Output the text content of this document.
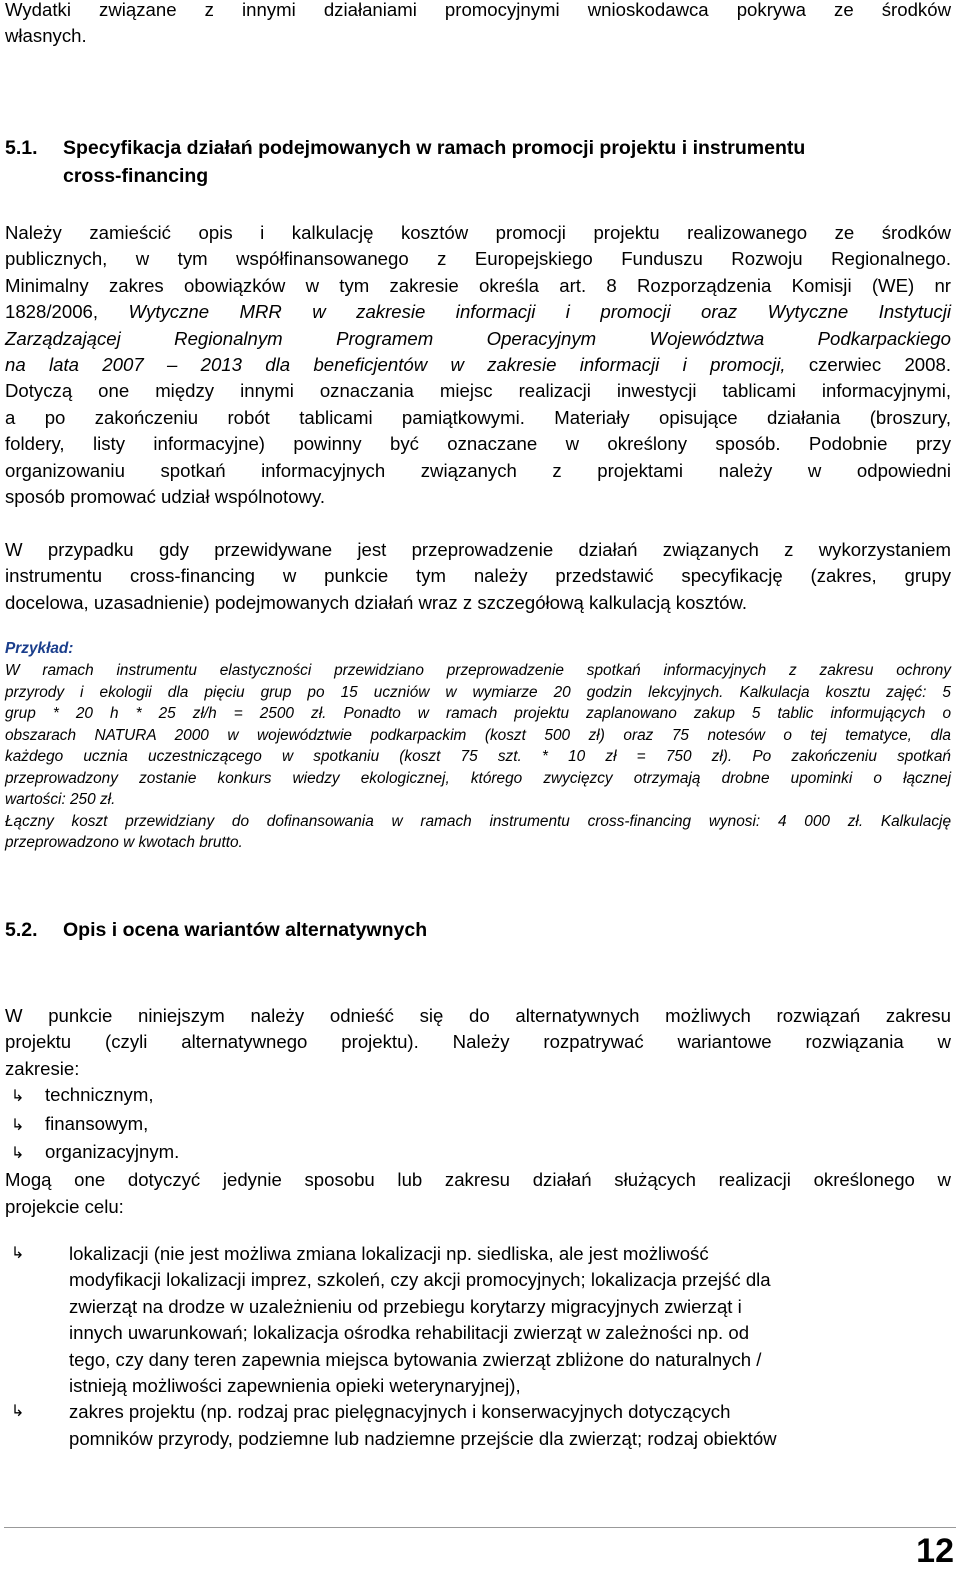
Wydatki związane z innymi działaniami promocyjnymi wnioskodawca pokrywa ze środków
własnych.
5.1.	Specyfikacja działań podejmowanych w ramach promocji projektu i instrumentu
cross-financing
Należy zamieścić opis i kalkulację kosztów promocji projektu realizowanego ze środków
publicznych, w tym współfinansowanego z Europejskiego Funduszu Rozwoju Regionalnego.
Minimalny zakres obowiązków w tym zakresie określa art. 8 Rozporządzenia Komisji (WE) nr
1828/2006, Wytyczne MRR w zakresie informacji i promocji oraz Wytyczne Instytucji
Zarządzającej Regionalnym Programem Operacyjnym Województwa Podkarpackiego
na lata 2007 – 2013 dla beneficjentów w zakresie informacji i promocji, czerwiec 2008.
Dotyczą one między innymi oznaczania miejsc realizacji inwestycji tablicami informacyjnymi,
a po zakończeniu robót tablicami pamiątkowymi. Materiały opisujące działania (broszury,
foldery, listy informacyjne) powinny być oznaczane w określony sposób. Podobnie przy
organizowaniu spotkań informacyjnych związanych z projektami należy w odpowiedni
sposób promować udział wspólnotowy.
W przypadku gdy przewidywane jest przeprowadzenie działań związanych z wykorzystaniem
instrumentu cross-financing w punkcie tym należy przedstawić specyfikację (zakres, grupy
docelowa, uzasadnienie) podejmowanych działań wraz z szczegółową kalkulacją kosztów.
Przykład:
W ramach instrumentu elastyczności przewidziano przeprowadzenie spotkań informacyjnych z zakresu ochrony
przyrody i ekologii dla pięciu grup po 15 uczniów w wymiarze 20 godzin lekcyjnych. Kalkulacja kosztu zajęć: 5
grup * 20 h * 25 zł/h = 2500 zł. Ponadto w ramach projektu zaplanowano zakup 5 tablic informujących o
obszarach NATURA 2000 w województwie podkarpackim (koszt 500 zł) oraz 75 notesów o tej tematyce, dla
każdego ucznia uczestniczącego w spotkaniu (koszt 75 szt. * 10 zł = 750 zł). Po zakończeniu spotkań
przeprowadzony zostanie konkurs wiedzy ekologicznej, którego zwycięzcy otrzymają drobne upominki o łącznej
wartości: 250 zł.
Łączny koszt przewidziany do dofinansowania w ramach instrumentu cross-financing wynosi: 4 000 zł. Kalkulację
przeprowadzono w kwotach brutto.
5.2.	Opis i ocena wariantów alternatywnych
W punkcie niniejszym należy odnieść się do alternatywnych możliwych rozwiązań zakresu
projektu (czyli alternatywnego projektu). Należy rozpatrywać wariantowe rozwiązania w
zakresie:
↳	technicznym,
↳	finansowym,
↳	organizacyjnym.
Mogą one dotyczyć jedynie sposobu lub zakresu działań służących realizacji określonego w
projekcie celu:
↳	lokalizacji (nie jest możliwa zmiana lokalizacji np. siedliska, ale jest możliwość
modyfikacji lokalizacji imprez, szkoleń, czy akcji promocyjnych; lokalizacja przejść dla
zwierząt na drodze w uzależnieniu od przebiegu korytarzy migracyjnych zwierząt i
innych uwarunkowań; lokalizacja ośrodka rehabilitacji zwierząt w zależności np. od
tego, czy dany teren zapewnia miejsca bytowania zwierząt zbliżone do naturalnych /
istnieją możliwości zapewnienia opieki weterynaryjnej),
↳	zakres projektu (np. rodzaj prac pielęgnacyjnych i konserwacyjnych dotyczących
pomników przyrody, podziemne lub nadziemne przejście dla zwierząt; rodzaj obiektów
12
